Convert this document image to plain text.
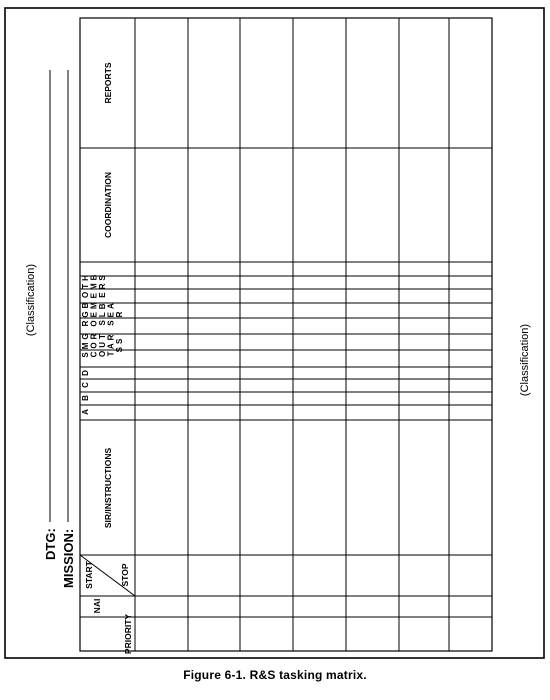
(Classification)
(Classification)
DTG: MISSION:
PRIORITY
NAI
START	STOP
SIR/INSTRUCTIONS
COORDINATION
REPORTS
A
B
C
D
SMG COR OUT TAR SS
RGB OEM SLB SEA R
OTH EMB ERS
Figure 6-1. R&S tasking matrix.
